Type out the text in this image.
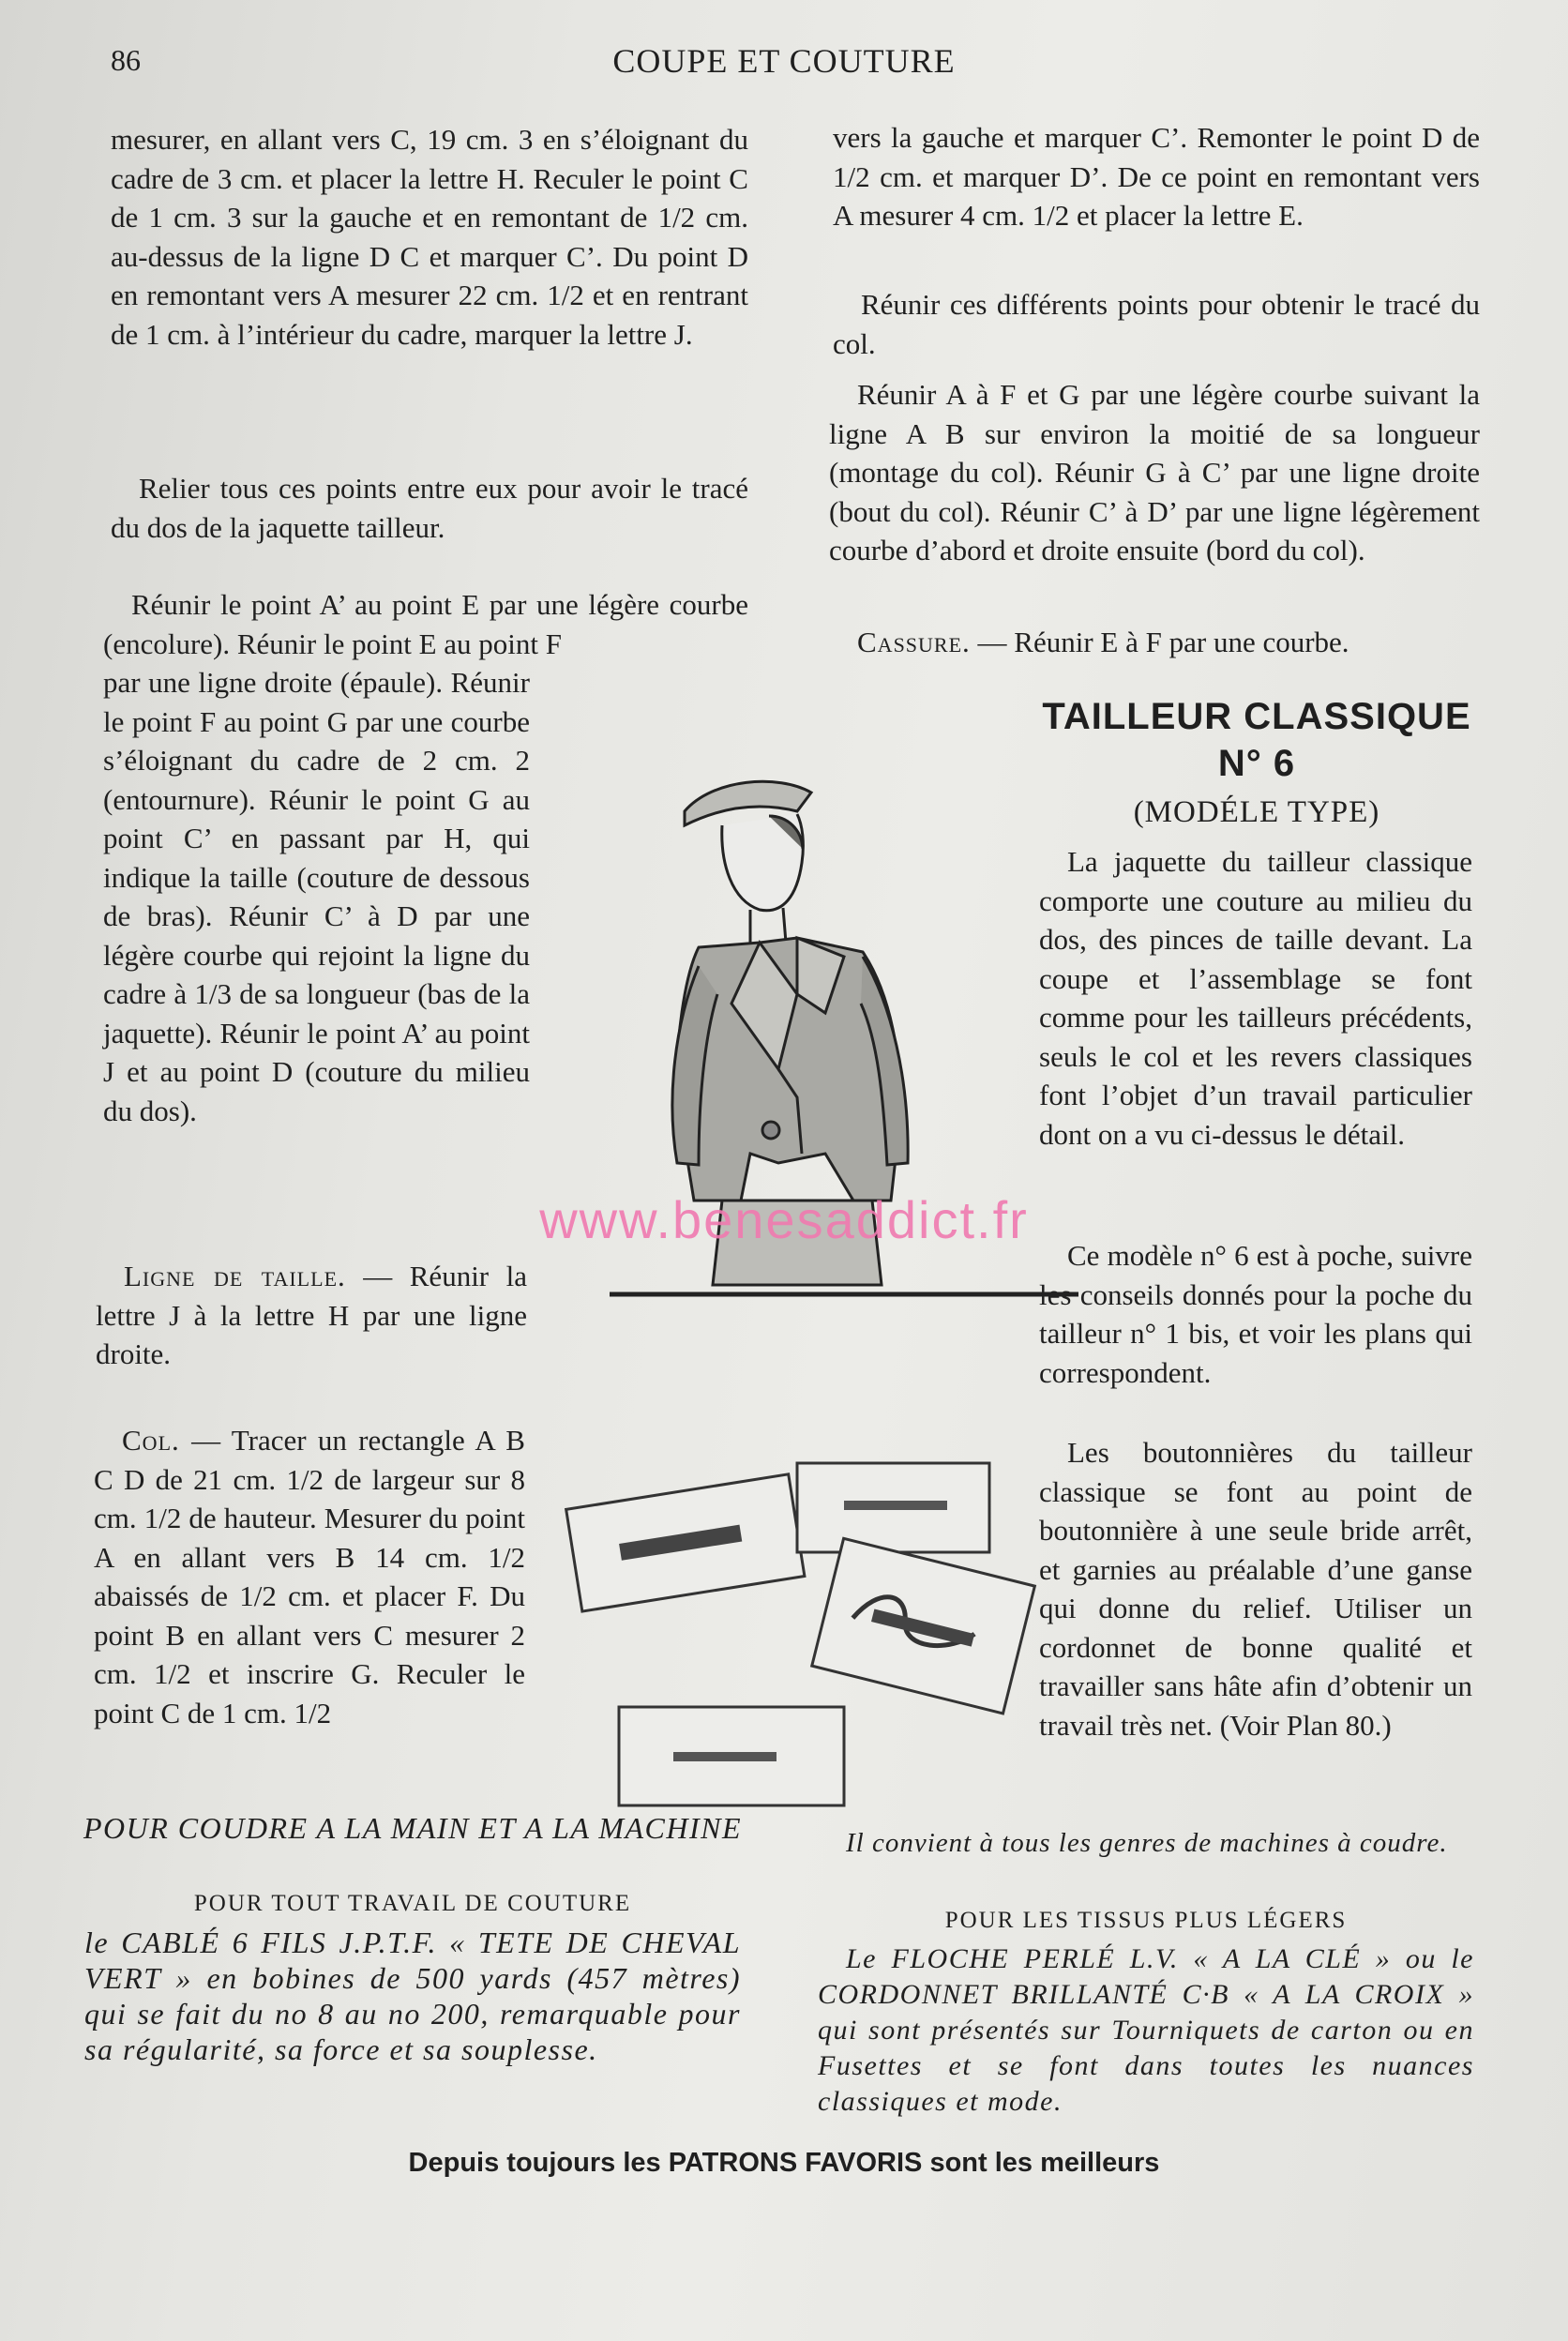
86	COUPE ET COUTURE

mesurer, en allant vers C, 19 cm. 3 en s’éloignant du cadre de 3 cm. et placer la lettre H. Reculer le point C de 1 cm. 3 sur la gauche et en remontant de 1/2 cm. au-dessus de la ligne D C et marquer C’. Du point D en remontant vers A mesurer 22 cm. 1/2 et en rentrant de 1 cm. à l’intérieur du cadre, marquer la lettre J.

Relier tous ces points entre eux pour avoir le tracé du dos de la jaquette tailleur.

Réunir le point A’ au point E par une légère courbe (encolure). Réunir le point E au point F

par une ligne droite (épaule). Réunir le point F au point G par une courbe s’éloignant du cadre de 2 cm. 2 (entournure). Réunir le point G au point C’ en passant par H, qui indique la taille (couture de dessous de bras). Réunir C’ à D par une légère courbe qui rejoint la ligne du cadre à 1/3 de sa longueur (bas de la jaquette). Réunir le point A’ au point J et au point D (couture du milieu du dos).

Ligne de taille. — Réunir la lettre J à la lettre H par une ligne droite.

Col. — Tracer un rectangle A B C D de 21 cm. 1/2 de largeur sur 8 cm. 1/2 de hauteur. Mesurer du point A en allant vers B 14 cm. 1/2 abaissés de 1/2 cm. et placer F. Du point B en allant vers C mesurer 2 cm. 1/2 et inscrire G. Reculer le point C de 1 cm. 1/2

vers la gauche et marquer C’. Remonter le point D de 1/2 cm. et marquer D’. De ce point en remontant vers A mesurer 4 cm. 1/2 et placer la lettre E.

Réunir ces différents points pour obtenir le tracé du col.

Réunir A à F et G par une légère courbe suivant la ligne A B sur environ la moitié de sa longueur (montage du col). Réunir G à C’ par une ligne droite (bout du col). Réunir C’ à D’ par une ligne légèrement courbe d’abord et droite ensuite (bord du col).

Cassure. — Réunir E à F par une courbe.

TAILLEUR CLASSIQUE
N° 6
(MODÉLE TYPE)

La jaquette du tailleur classique comporte une couture au milieu du dos, des pinces de taille devant. La coupe et l’assemblage se font comme pour les tailleurs précédents, seuls le col et les revers classiques font l’objet d’un travail particulier dont on a vu ci-dessus le détail.

Ce modèle n° 6 est à poche, suivre les conseils donnés pour la poche du tailleur n° 1 bis, et voir les plans qui correspondent.

Les boutonnières du tailleur classique se font au point de boutonnière à une seule bride arrêt, et garnies au préalable d’une ganse qui donne du relief. Utiliser un cordonnet de bonne qualité et travailler sans hâte afin d’obtenir un travail très net. (Voir Plan 80.)

www.benesaddict.fr
POUR COUDRE A LA MAIN ET A LA MACHINE
POUR TOUT TRAVAIL DE COUTURE

le CABLÉ 6 FILS J.P.T.F. « TETE DE CHEVAL VERT » en bobines de 500 yards (457 mètres) qui se fait du no 8 au no 200, remarquable pour sa régularité, sa force et sa souplesse.

Il convient à tous les genres de machines à coudre.

POUR LES TISSUS PLUS LÉGERS

Le FLOCHE PERLÉ L.V. « A LA CLÉ » ou le CORDONNET BRILLANTÉ C·B « A LA CROIX » qui sont présentés sur Tourniquets de carton ou en Fusettes et se font dans toutes les nuances classiques et mode.

Depuis toujours les PATRONS FAVORIS sont les meilleurs
